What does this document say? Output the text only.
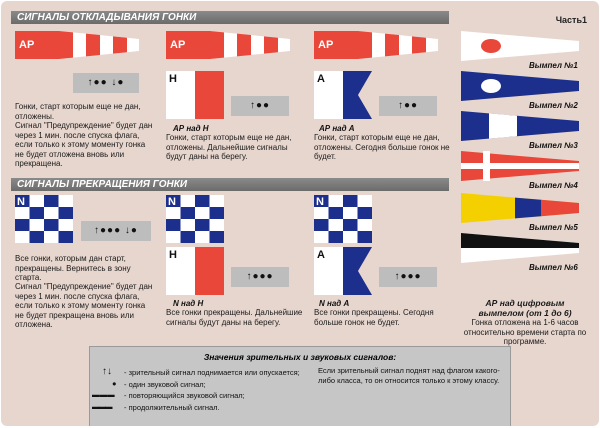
СИГНАЛЫ ОТКЛАДЫВАНИЯ ГОНКИ	Часть1
AP
↑●● ↓●
Гонки, старт которым еще не дан, отложены.
Сигнал "Предупреждение" будет дан через 1 мин. после спуска флага, если только к этому моменту гонка не будет отложена вновь или прекращена.
AP
H
↑●●
АР над Н
Гонки, старт которым еще не дан, отложены. Дальнейшие сигналы будут даны на берегу.
AP
A
↑●●
АР над А
Гонки, старт которым еще не дан, отложены. Сегодня больше гонок не будет.
СИГНАЛЫ ПРЕКРАЩЕНИЯ ГОНКИ
N
↑●●● ↓●
Все гонки, которым дан старт, прекращены. Вернитесь в зону старта.
Сигнал "Предупреждение" будет дан через 1 мин. после спуска флага, если только к этому моменту гонка не будет прекращена вновь или отложена.
N
H
↑●●●
N над Н
Все гонки прекращены. Дальнейшие сигналы будут даны на берегу.
N
A
↑●●●
N над А
Все гонки прекращены. Сегодня больше гонок не будет.
Вымпел №1
Вымпел №2
Вымпел №3
Вымпел №4
Вымпел №5
Вымпел №6
АР над цифровым вымпелом (от 1 до 6)
Гонка отложена на 1-6 часов относительно времени старта по программе.
Значения зрительных и звуковых сигналов:
↑↓ - зрительный сигнал поднимается или опускается;
● - один звуковой сигнал;
▬ ▬ ▬ - повторяющийся звуковой сигнал;
▬▬▬ - продолжительный сигнал.
Если зрительный сигнал поднят над флагом какого-либо класса, то он относится только к этому классу.
